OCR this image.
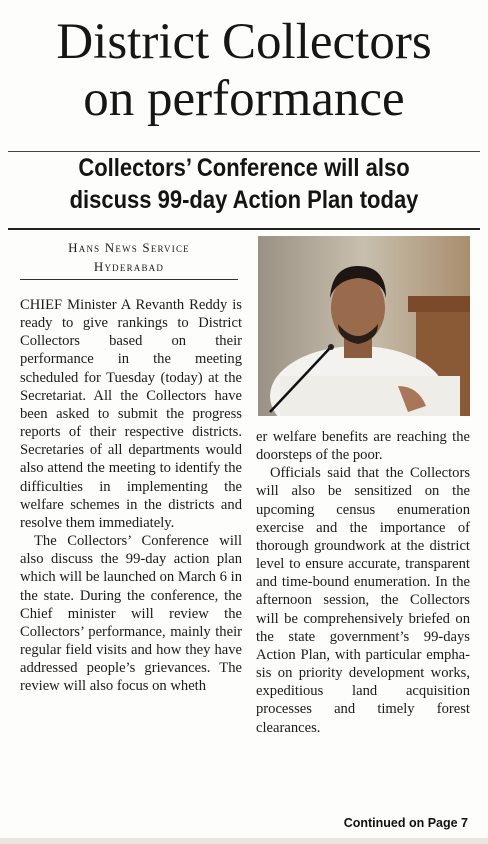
District Collectors
on performance
Collectors’ Conference will also
discuss 99-day Action Plan today
Hans News Service
Hyderabad

CHIEF Minister A Revanth Reddy is ready to give rankings to District Collectors based on their performance in the meeting scheduled for Tuesday (today) at the Secretariat. All the Collectors have been asked to submit the progress reports of their respective districts. Secretaries of all departments would also attend the meeting to identify the difficulties in implementing the welfare schemes in the districts and resolve them immediately.

The Collectors’ Conference will also discuss the 99-day action plan which will be launched on March 6 in the state. During the conference, the Chief minister will review the Collectors’ performance, mainly their regular field visits and how they have addressed people’s grievances. The review will also focus on wheth

er welfare benefits are reaching the doorsteps of the poor.

Officials said that the Collectors will also be sensitized on the upcoming census enumeration exercise and the importance of thorough groundwork at the district level to ensure accurate, transparent and time-bound enumeration. In the afternoon session, the Collectors will be comprehensively briefed on the state government’s 99-days Action Plan, with particular emphasis on priority development works, expeditious land acquisition processes and timely forest clearances.

Continued on Page 7
